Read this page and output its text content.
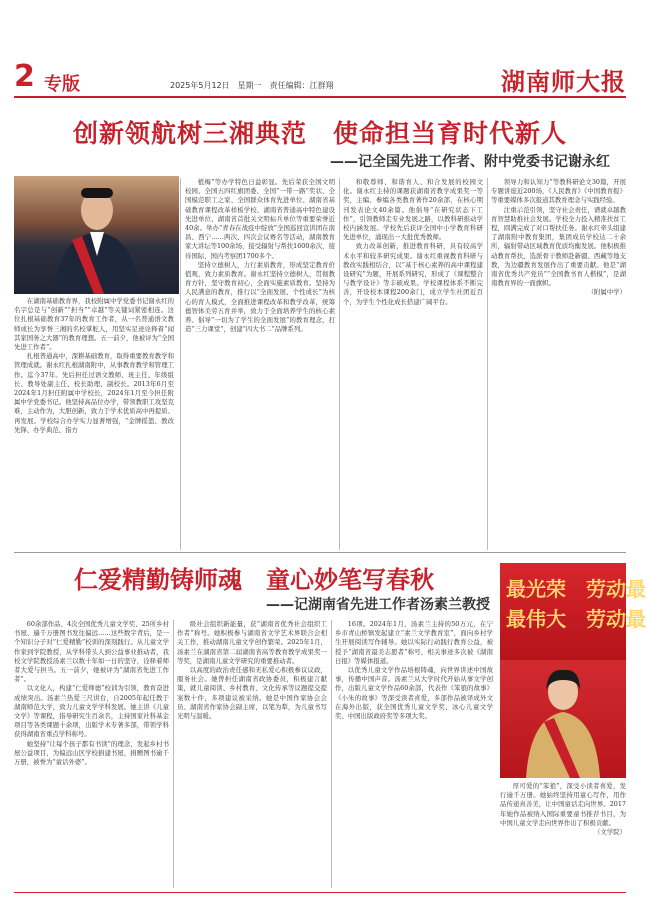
2 专版	2025年5月12日　星期一　责任编辑：江群翔	湖南师大报
创新领航树三湘典范　使命担当育时代新人
——记全国先进工作者、附中党委书记谢永红

在湖南基础教育界，我校附属中学党委书记谢永红的名字总是与“创新”“担当”“卓越”等关键词紧密相连。这位扎根基础教育37年的教育工作者，从一名普通语文教师成长为享誉三湘的名校掌舵人，用坚实足迹诠释着“闻其家国务之大器”的教育理想。五一前夕，他被评为“全国先进工作者”。

扎根普通高中，深耕基础教育，取得重要教育教学和管理成就。谢永红扎根湖南附中，从事教育教学和管理工作。迄今37年。先后担任过语文教师、班主任、年级组长、教导处副主任、校长助理、副校长。2013年6月至2024年1月担任附属中学校长，2024年1月至今担任附属中学党委书记。他坚持高品位办学，带领教职工攻坚克难，主动作为，大胆创新，致力于学术优质高中再提质、再发展。学校综合办学实力显著增强，“金牌摇篮、教改先锋、办学典范、指方

植梅”等办学特色日益彰显。先后荣获全国文明校园、全国五四红旗团委、全国“一带一路”奖状、全国模范职工之家、全国群众体育先进单位、湖南省基础教育课程改革样板学校、湖南省普通高中特色建设先进单位、湖南省首批关文明标兵单位等重要荣誉近40余。举办“青春在战疫中绽放”全国巡回宣讲团在南昌、西宁……两次、四次会议赛名等活动，湖南教育家大讲坛等100余场，接受辐射与帮扶1600余次，接待国际、国内考察团1700多个。

坚持立德树人，力行素质教育，形成坚定教育价值观，致力素质教育。谢永红坚持立德树人，贯彻教育方针，坚守教育初心，全面实施素质教育。坚持为人民满意的教育，推行以“全面发展、个性成长”为核心的育人模式，全面推进课程改革和教学改革，统筹德智体美劳五育并举，致力于全面培养学生的核心素养。倡导“一切为了学生的全面发展”的教育理念，打造“三力课堂”，创建“四大书二”品牌系列。

和敬尊师、和谐育人、和合发展的校园文化。谢永红主持的课题获湖南省教学成果奖一等奖，主编、参编各类教育著作20余部，在核心期刊发表论文40余篇。他倡导“在研究状态下工作”，引领教师走专业发展之路，以教科研推动学校内涵发展。学校先后获评全国中小学教育科研先进单位，涌现出一大批优秀教师。

致力改革创新，推进教育科研，具有较高学术水平和较多研究成果。谢永红重视教育科研与教改实践相结合，以“基于核心素养的高中课程建设研究”为题，开展系列研究，形成了《课程整合与教学设计》等丰硕成果。学校课程体系不断完善，开设校本课程200余门，成立学生社团近百个，为学生个性化成长搭建广阔平台。

领导力和认知力”等教科研论文30篇，开展专题讲座近200场，《人民教育》《中国教育报》等重要媒体多次报道其教育理念与实践经验。

注重示范引领，坚守社会责任，谱就卓越教育智慧助推社会发展。学校全力投入精准扶贫工程，圆满完成了对口帮扶任务。谢永红牵头组建了湖南附中教育集团，集团成员学校达二十余所，辐射带动区域教育优质均衡发展。他积极推动教育帮扶，选派骨干教师赴新疆、西藏等地支教，为边疆教育发展作出了重要贡献。他是“湖南省优秀共产党员”“全国教书育人楷模”，是湖南教育界的一面旗帜。

（附属中学）

仁爱精勤铸师魂　童心妙笔写春秋
——记湖南省先进工作者汤素兰教授
最光荣　劳动最
最伟大　劳动最

60余部作品、4次全国优秀儿童文学奖、25所乡村书屋、遍千万册图书发往偏远……这些数字背后，是一个知识分子对“仁爱精勤”校训的深刻践行。从儿童文学作家到学院教授，从学科带头人到公益事业推动者，我校文学院教授汤素兰以数十年如一日的坚守，诠释着师者大爱与担当。五一前夕，她被评为“湖南省先进工作者”。

以文化人，构建“仁爱师德”校训为引领，教育奋进成绩突出。汤素兰热爱三尺讲台，自2005年起任教于湖南师范大学，致力儿童文学学科发展。她主讲《儿童文学》等课程，指导研究生百余名，主持国家社科基金项目等各类课题十余项，出版学术专著多部，带领学科获得湖南省重点学科称号。

她坚持“让每个孩子都有书读”的理念，发起乡村书屋公益项目，为偏远山区学校捐建书屋，捐赠图书逾千万册，被誉为“童话外婆”。

级社会组织新能量，获“湖南省优秀社会组织工作者”称号。她积极参与湖南省文学艺术界联合会相关工作，推动湖南儿童文学创作繁荣。2025年1月，汤素兰在湖南省第二届湖南省高等教育教学成果奖一等奖，是湖南儿童文学研究的重要推动者。

以高度的政治责任感和无私爱心积极参议议政，服务社会。她曾担任湖南省政协委员，积极建言献策，就儿童阅读、乡村教育、文化传承等议题提交提案数十件，多项建议被采纳。她是中国作家协会会员、湖南省作家协会副主席，以笔为犁，为儿童书写光明与温暖。

16项。2024年1月，汤素兰主持的50万元，在宁乡市青山桥镇发起建立“素兰文学教育室”，面向乡村学生开展阅读写作辅导。她以实际行动践行教育公益，被授予“湖南省最美志愿者”称号，相关事迹多次被《湖南日报》等媒体报道。

以优秀儿童文学作品培根铸魂，向世界讲述中国故事，传播中国声音。汤素兰从大学时代开始从事文学创作，出版儿童文学作品60余部，代表作《笨狼的故事》《小朱的故事》等深受读者喜爱，多部作品被译成外文在海外出版，获全国优秀儿童文学奖、冰心儿童文学奖、中国出版政府奖等多项大奖。

厚可爱的“笨狼”，深受小读者喜爱，发行逾千万册。她始终坚持用童心写作，用作品传递真善美，让中国童话走向世界。2017年她作品被纳入国际重要童书推荐书目，为中国儿童文学走向世界作出了积极贡献。

（文学院）
